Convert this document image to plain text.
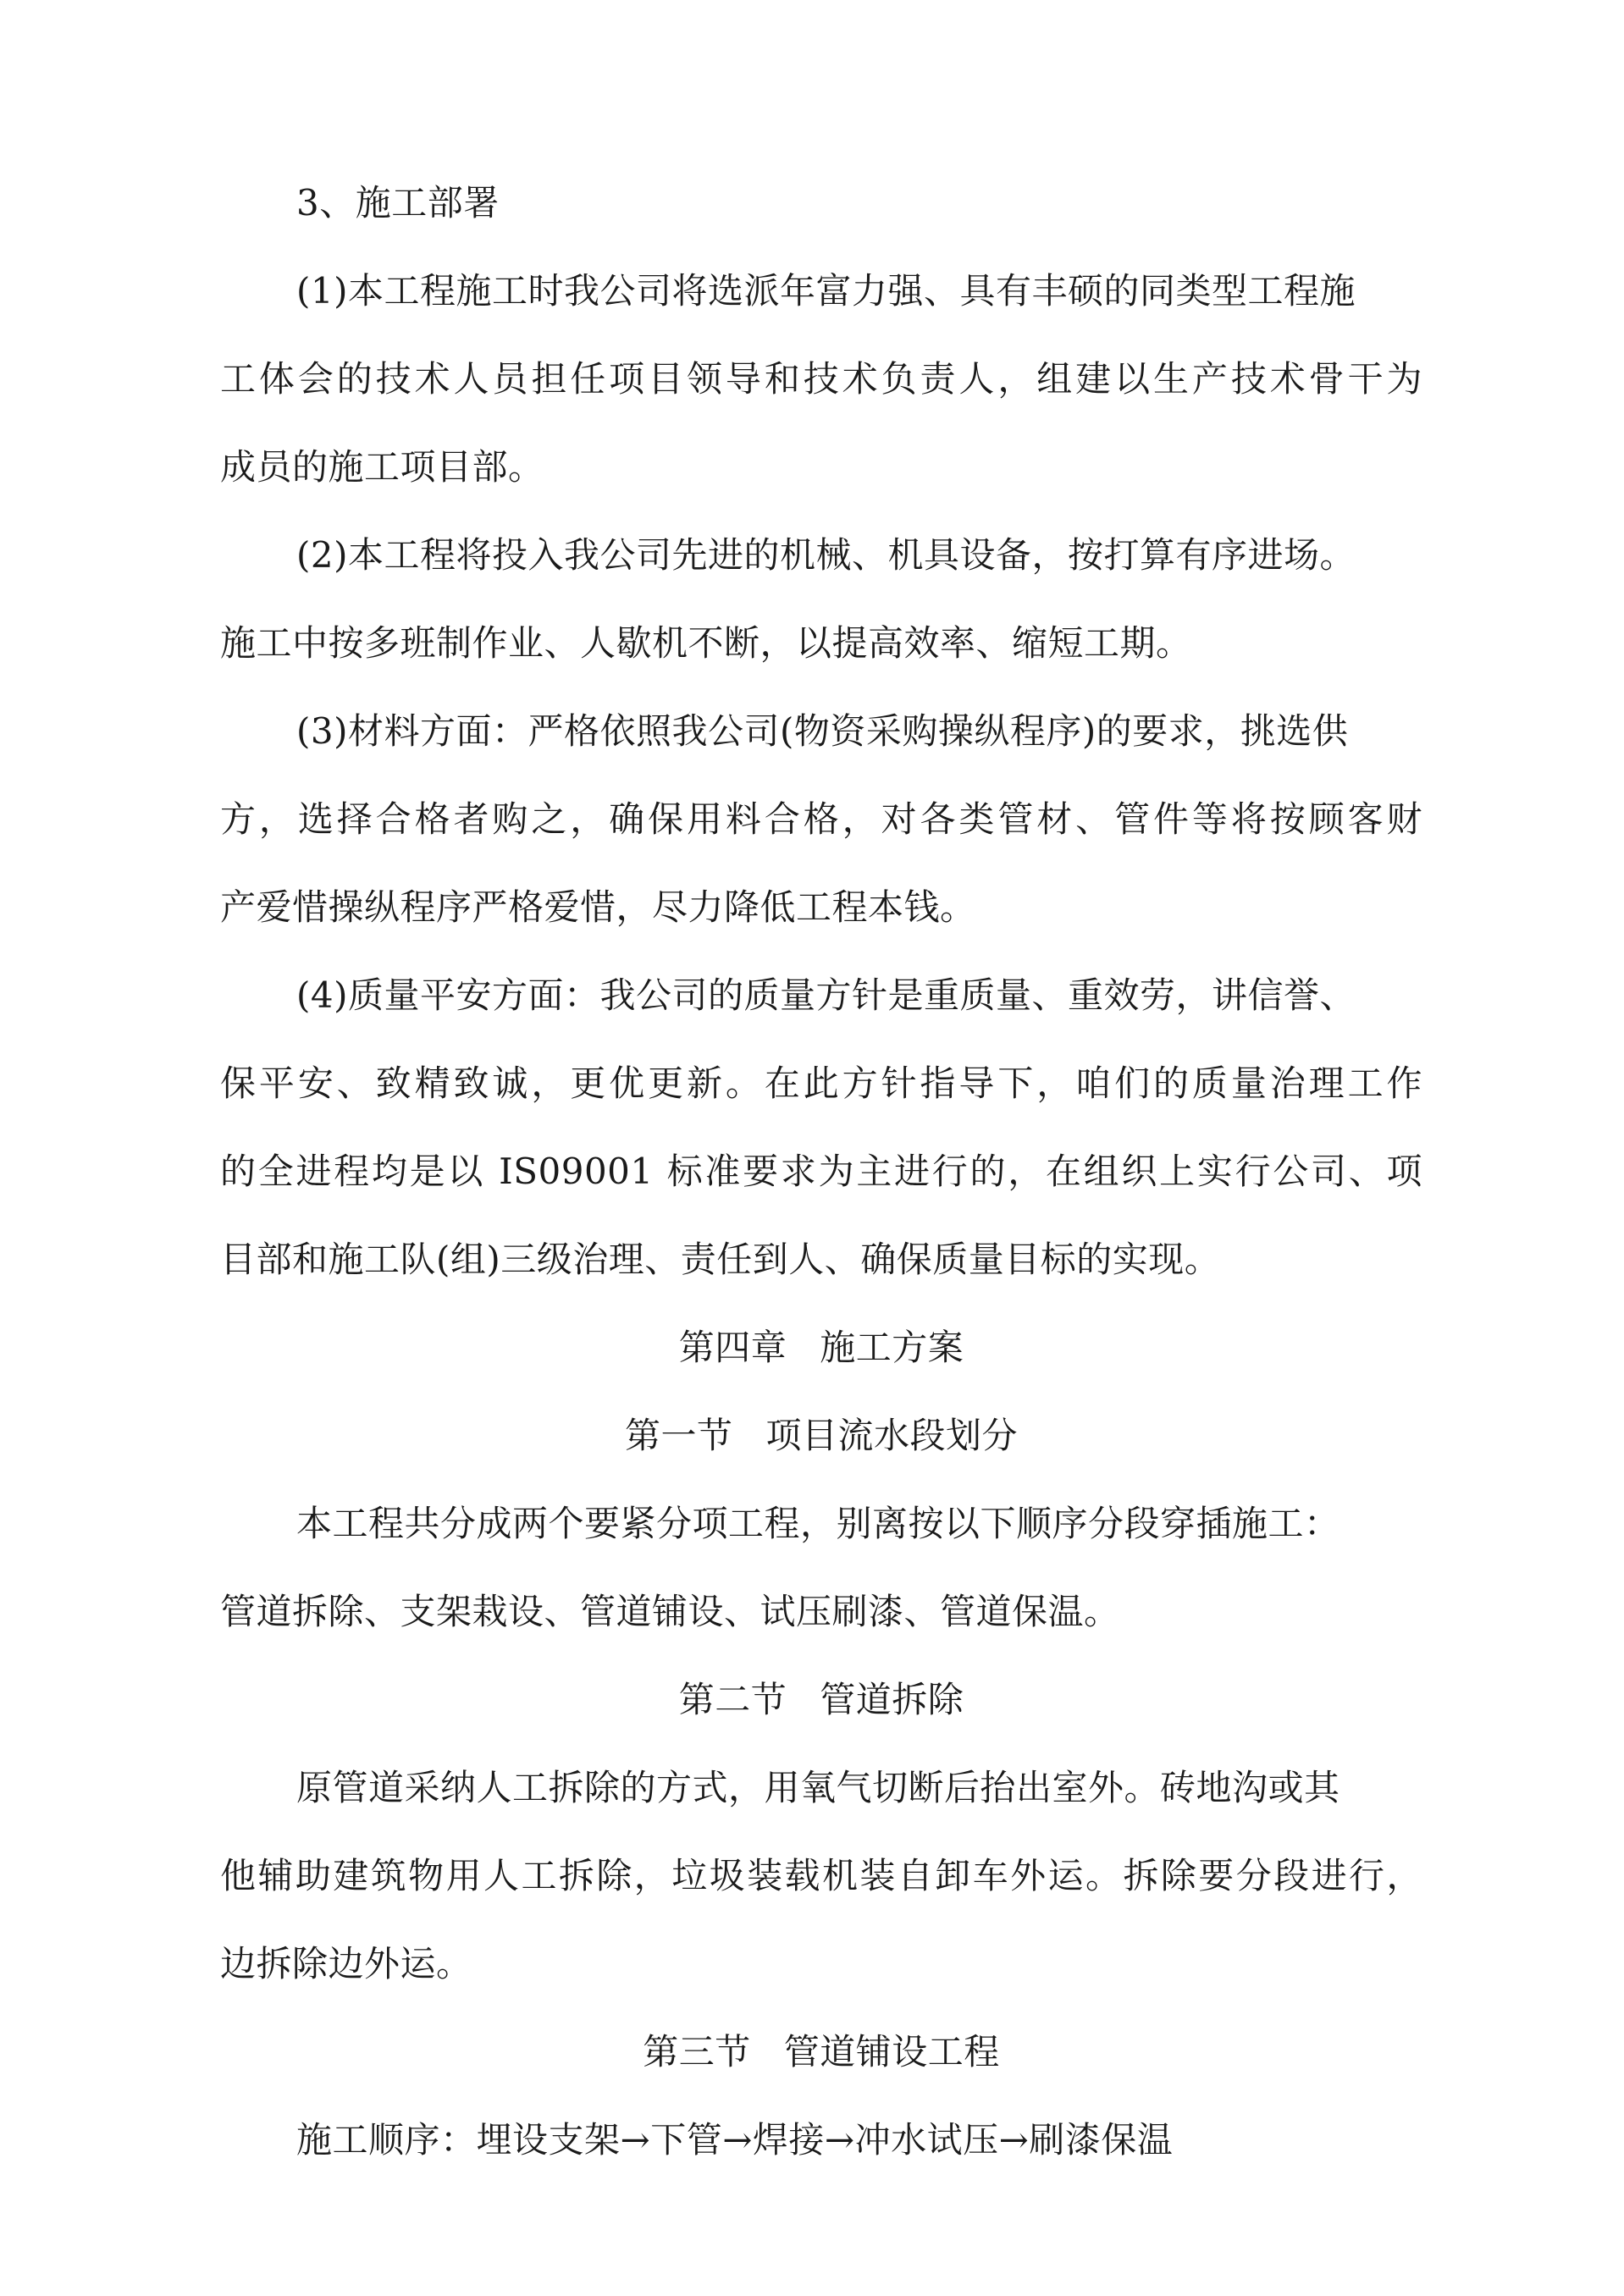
3、施工部署
(1)本工程施工时我公司将选派年富力强、具有丰硕的同类型工程施
工体会的技术人员担任项目领导和技术负责人，组建以生产技术骨干为
成员的施工项目部。
(2)本工程将投入我公司先进的机械、机具设备，按打算有序进场。
施工中按多班制作业、人歇机不断，以提高效率、缩短工期。
(3)材料方面：严格依照我公司(物资采购操纵程序)的要求，挑选供
方，选择合格者购之，确保用料合格，对各类管材、管件等将按顾客财
产爱惜操纵程序严格爱惜，尽力降低工程本钱。
(4)质量平安方面：我公司的质量方针是重质量、重效劳，讲信誉、
保平安、致精致诚，更优更新。在此方针指导下，咱们的质量治理工作
的全进程均是以 IS09001 标准要求为主进行的，在组织上实行公司、项
目部和施工队(组)三级治理、责任到人、确保质量目标的实现。
第四章 施工方案
第一节 项目流水段划分
本工程共分成两个要紧分项工程，别离按以下顺序分段穿插施工：
管道拆除、支架栽设、管道铺设、试压刷漆、管道保温。
第二节 管道拆除
原管道采纳人工拆除的方式，用氧气切断后抬出室外。砖地沟或其
他辅助建筑物用人工拆除，垃圾装载机装自卸车外运。拆除要分段进行，
边拆除边外运。
第三节 管道铺设工程
施工顺序：埋设支架→下管→焊接→冲水试压→刷漆保温
